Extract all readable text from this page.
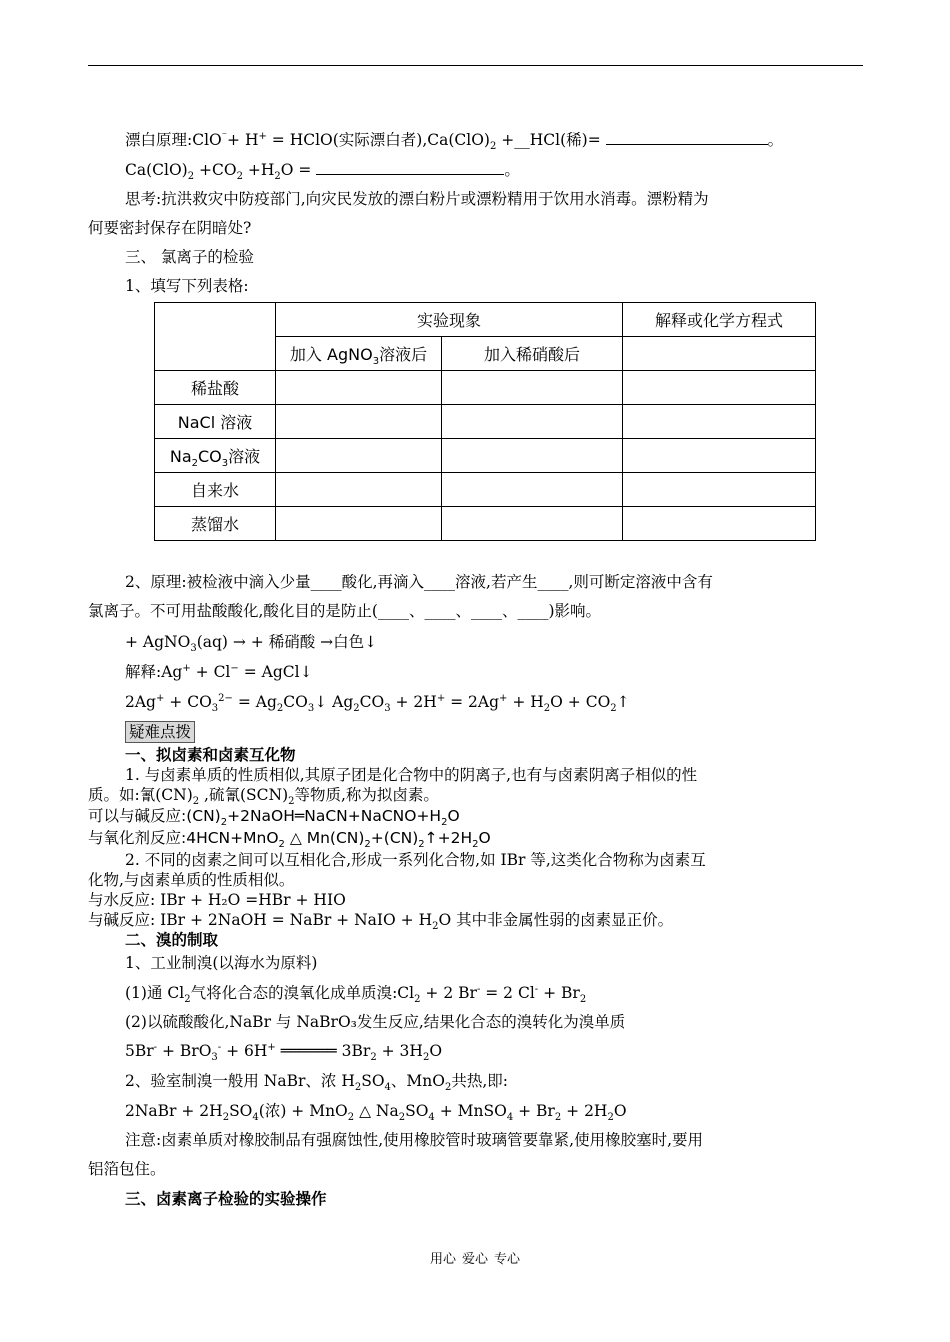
漂白原理:ClO⁻+ H+ = HClO(实际漂白者)$,Ca(ClO)_2$ +__HCl(稀)=	。
$Ca(ClO)_2 +CO_2 +H_2O$ =	。
思考:抗洪救灾中防疫部门,向灾民发放的漂白粉片或漂粉精用于饮用水消毒。漂粉精为
何要密封保存在阴暗处?
三、 氯离子的检验
1、填写下列表格:
	实验现象		解释或化学方程式
	加入 AgNO$_3$溶液后	加入稀硝酸后	
稀盐酸			
NaCl 溶液			
$Na_2CO_3$溶液			
自来水			
蒸馏水			
2、原理:被检液中滴入少量____酸化,再滴入____溶液,若产生____,则可断定溶液中含有
氯离子。不可用盐酸酸化,酸化目的是防止(____、____、____、____)影响。
+ AgNO$_3$(aq) → + 稀硝酸 →白色↓
解释:Ag+ + Cl− = AgCl↓
$2Ag^+ + CO_3^{2-}$ = $Ag_2CO_3↓$ $Ag_2CO_3 + 2H^+ = 2Ag^+ + H_2O$ + $CO_2↑$
疑难点拨
一、拟卤素和卤素互化物
1. 与卤素单质的性质相似,其原子团是化合物中的阴离子,也有与卤素阴离子相似的性
质。如:氰$(CN)_2$ ,硫氰$(SCN)_2$等物质,称为拟卤素。
可以与碱反应$:(CN)_2+2NaOH═NaCN+NaCNO+H_2O$
与氧化剂反应:4HCN+MnO$_2$ △ $Mn(CN)_2+(CN)_2↑+2H_2O$
2. 不同的卤素之间可以互相化合,形成一系列化合物,如 IBr 等,这类化合物称为卤素互
化物,与卤素单质的性质相似。
与水反应: IBr + H₂O =HBr + HIO
与碱反应: IBr + 2NaOH = NaBr + NaIO + $H_2O$ 其中非金属性弱的卤素显正价。
二、溴的制取
1、工业制溴(以海水为原料)
(1)通 $Cl_2$气将化合态的溴氧化成单质溴$:Cl_2 + 2$ Br- = 2 $Cl^- + Br_2$
(2)以硫酸酸化,NaBr 与 NaBrO₃发生反应,结果化合态的溴转化为溴单质
5Br- + BrO$_3$- + 6H+ ══════ $3Br_2 + 3H_2O$
2、验室制溴一般用 NaBr、浓 $H_2SO_4$、MnO$_2$共热,即:
2NaBr + $2H_2SO_4$(浓) + MnO$_2$ △ $Na_2SO_4$ + MnSO$_4$ + $Br_2 + 2H_2O$
注意:卤素单质对橡胶制品有强腐蚀性,使用橡胶管时玻璃管要靠紧,使用橡胶塞时,要用
铝箔包住。
三、卤素离子检验的实验操作
用心 爱心 专心
